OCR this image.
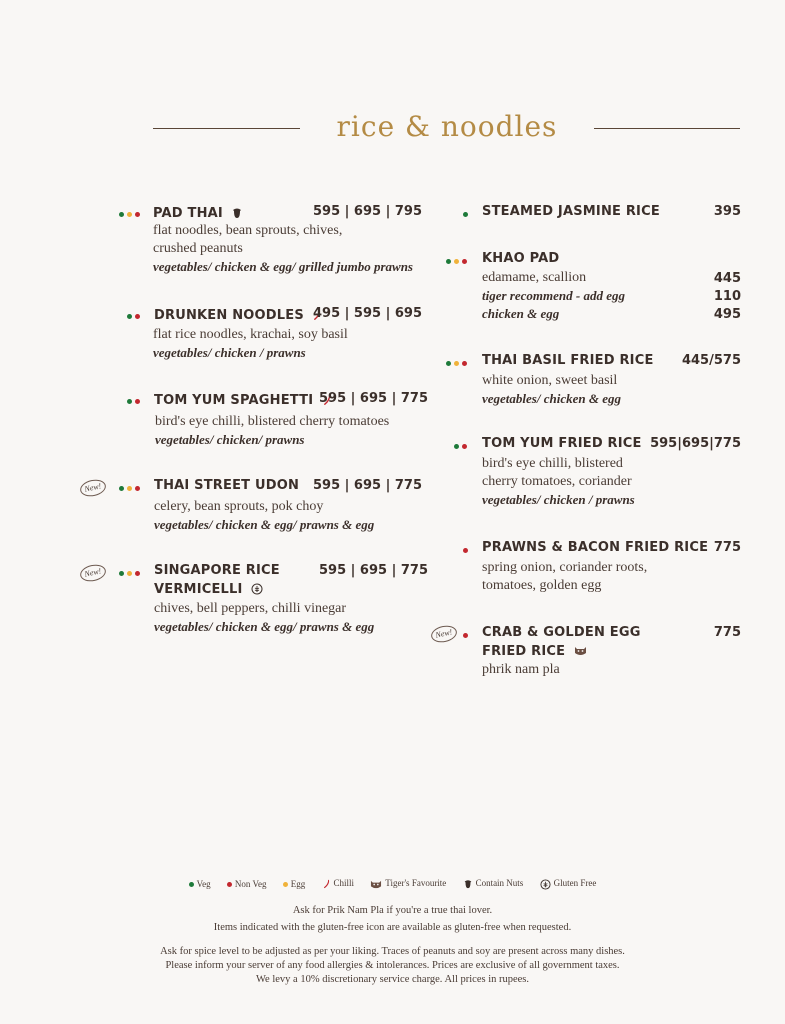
rice & noodles
PAD THAI	595 | 695 | 795
flat noodles, bean sprouts, chives,
crushed peanuts
vegetables/ chicken & egg/ grilled jumbo prawns
DRUNKEN NOODLES 495 | 595 | 695
flat rice noodles, krachai, soy basil
vegetables/ chicken / prawns
TOM YUM SPAGHETTI 595 | 695 | 775
bird's eye chilli, blistered cherry tomatoes
vegetables/ chicken/ prawns
New!	THAI STREET UDON 595 | 695 | 775
celery, bean sprouts, pok choy
vegetables/ chicken & egg/ prawns & egg
New!	SINGAPORE RICE
VERMICELLI
595 | 695 | 775
chives, bell peppers, chilli vinegar
vegetables/ chicken & egg/ prawns & egg
STEAMED JASMINE RICE	395
KHAO PAD
edamame, scallion	445
tiger recommend - add egg	110
chicken & egg	495
THAI BASIL FRIED RICE 445/575
white onion, sweet basil
vegetables/ chicken & egg
TOM YUM FRIED RICE 595|695|775
bird's eye chilli, blistered
cherry tomatoes, coriander
vegetables/ chicken / prawns
PRAWNS & BACON FRIED RICE 775
spring onion, coriander roots,
tomatoes, golden egg
New!	CRAB & GOLDEN EGG
FRIED RICE
775
phrik nam pla
Veg	Non Veg	Egg	Chilli	Tiger's Favourite	Contain Nuts	Gluten Free
Ask for Prik Nam Pla if you're a true thai lover.
Items indicated with the gluten-free icon are available as gluten-free when requested.
Ask for spice level to be adjusted as per your liking. Traces of peanuts and soy are present across many dishes.
Please inform your server of any food allergies & intolerances. Prices are exclusive of all government taxes.
We levy a 10% discretionary service charge. All prices in rupees.
